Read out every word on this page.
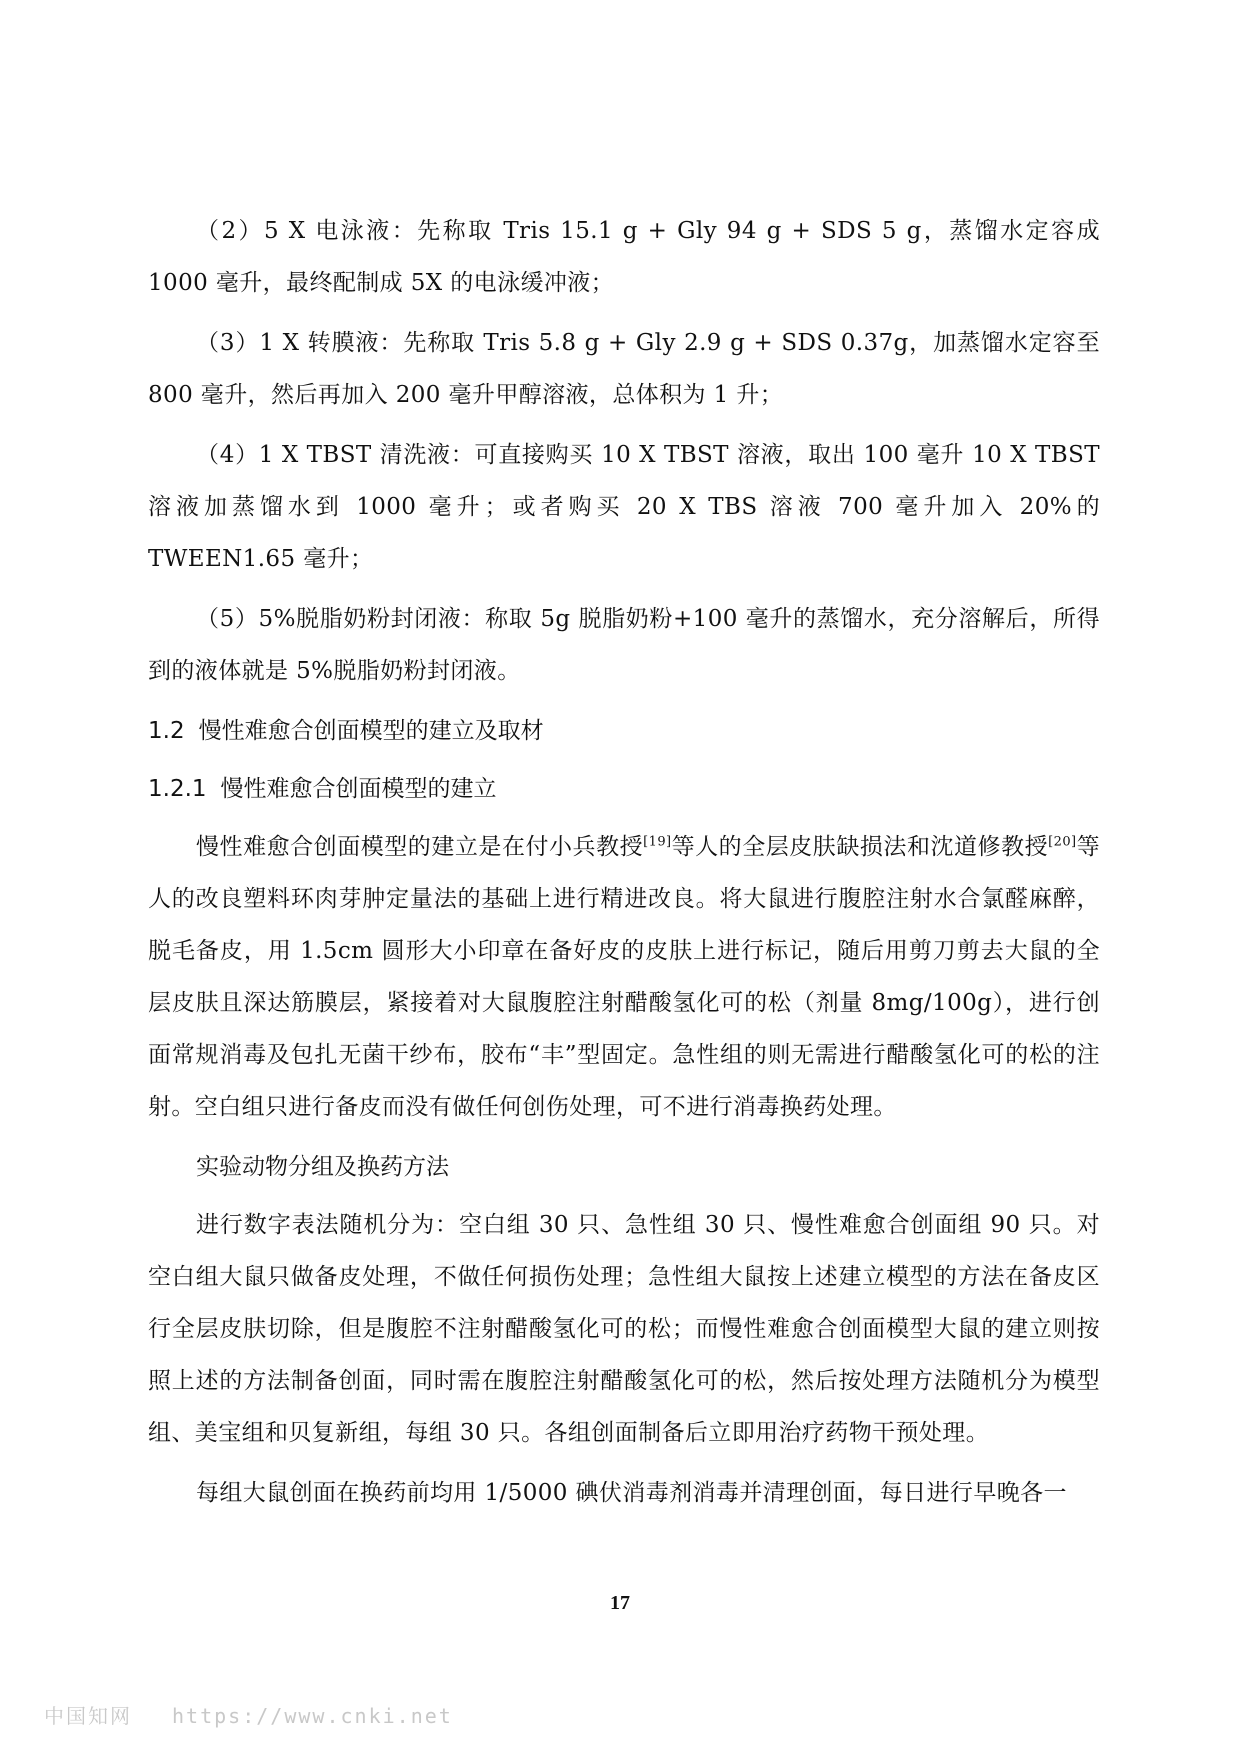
（2）5 X 电泳液：先称取 Tris 15.1 g + Gly 94 g + SDS 5 g，蒸馏水定容成 1000 毫升，最终配制成 5X 的电泳缓冲液；

（3）1 X 转膜液：先称取 Tris 5.8 g + Gly 2.9 g + SDS 0.37g，加蒸馏水定容至 800 毫升，然后再加入 200 毫升甲醇溶液，总体积为 1 升；

（4）1 X TBST 清洗液：可直接购买 10 X TBST 溶液，取出 100 毫升 10 X TBST 溶液加蒸馏水到 1000 毫升；或者购买 20 X TBS 溶液 700 毫升加入 20%的 TWEEN1.65 毫升；

（5）5%脱脂奶粉封闭液：称取 5g 脱脂奶粉+100 毫升的蒸馏水，充分溶解后，所得到的液体就是 5%脱脂奶粉封闭液。

1.2 慢性难愈合创面模型的建立及取材
1.2.1 慢性难愈合创面模型的建立

慢性难愈合创面模型的建立是在付小兵教授[19]等人的全层皮肤缺损法和沈道修教授[20]等人的改良塑料环肉芽肿定量法的基础上进行精进改良。将大鼠进行腹腔注射水合氯醛麻醉，脱毛备皮，用 1.5cm 圆形大小印章在备好皮的皮肤上进行标记，随后用剪刀剪去大鼠的全层皮肤且深达筋膜层，紧接着对大鼠腹腔注射醋酸氢化可的松（剂量 8mg/100g），进行创面常规消毒及包扎无菌干纱布，胶布“丰”型固定。急性组的则无需进行醋酸氢化可的松的注射。空白组只进行备皮而没有做任何创伤处理，可不进行消毒换药处理。

实验动物分组及换药方法

进行数字表法随机分为：空白组 30 只、急性组 30 只、慢性难愈合创面组 90 只。对空白组大鼠只做备皮处理，不做任何损伤处理；急性组大鼠按上述建立模型的方法在备皮区行全层皮肤切除，但是腹腔不注射醋酸氢化可的松；而慢性难愈合创面模型大鼠的建立则按照上述的方法制备创面，同时需在腹腔注射醋酸氢化可的松，然后按处理方法随机分为模型组、美宝组和贝复新组，每组 30 只。各组创面制备后立即用治疗药物干预处理。

每组大鼠创面在换药前均用 1/5000 碘伏消毒剂消毒并清理创面，每日进行早晚各一

17
中国知网 https://www.cnki.net
